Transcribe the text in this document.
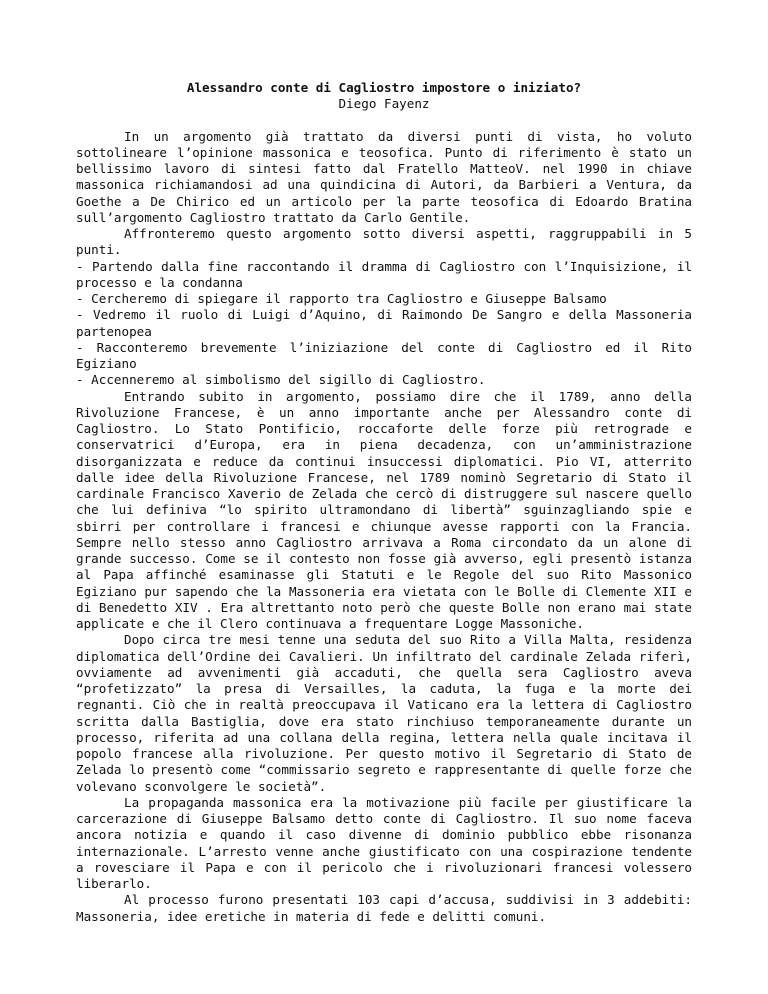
Alessandro conte di Cagliostro impostore o iniziato?

Diego Fayenz

In un argomento già trattato da diversi punti di vista, ho voluto sottolineare l’opinione massonica e teosofica. Punto di riferimento è stato un bellissimo lavoro di sintesi fatto dal Fratello MatteoV. nel 1990 in chiave massonica richiamandosi ad una quindicina di Autori, da Barbieri a Ventura, da Goethe a De Chirico ed un articolo per la parte teosofica di Edoardo Bratina sull’argomento Cagliostro trattato da Carlo Gentile.

Affronteremo questo argomento sotto diversi aspetti, raggruppabili in 5 punti.

- Partendo dalla fine raccontando il dramma di Cagliostro con l’Inquisizione, il processo e la condanna

- Cercheremo di spiegare il rapporto tra Cagliostro e Giuseppe Balsamo

- Vedremo il ruolo di Luigi d’Aquino, di Raimondo De Sangro e della Massoneria partenopea

- Racconteremo brevemente l’iniziazione del conte di Cagliostro ed il Rito Egiziano

- Accenneremo al simbolismo del sigillo di Cagliostro.

Entrando subito in argomento, possiamo dire che il 1789, anno della Rivoluzione Francese, è un anno importante anche per Alessandro conte di Cagliostro. Lo Stato Pontificio, roccaforte delle forze più retrograde e conservatrici d’Europa, era in piena decadenza, con un’amministrazione disorganizzata e reduce da continui insuccessi diplomatici. Pio VI, atterrito dalle idee della Rivoluzione Francese, nel 1789 nominò Segretario di Stato il cardinale Francisco Xaverio de Zelada che cercò di distruggere sul nascere quello che lui definiva “lo spirito ultramondano di libertà” sguinzagliando spie e sbirri per controllare i francesi e chiunque avesse rapporti con la Francia. Sempre nello stesso anno Cagliostro arrivava a Roma circondato da un alone di grande successo. Come se il contesto non fosse già avverso, egli presentò istanza al Papa affinché esaminasse gli Statuti e le Regole del suo Rito Massonico Egiziano pur sapendo che la Massoneria era vietata con le Bolle di Clemente XII e di Benedetto XIV . Era altrettanto noto però che queste Bolle non erano mai state applicate e che il Clero continuava a frequentare Logge Massoniche.

Dopo circa tre mesi tenne una seduta del suo Rito a Villa Malta, residenza diplomatica dell’Ordine dei Cavalieri. Un infiltrato del cardinale Zelada riferì, ovviamente ad avvenimenti già accaduti, che quella sera Cagliostro aveva “profetizzato” la presa di Versailles, la caduta, la fuga e la morte dei regnanti. Ciò che in realtà preoccupava il Vaticano era la lettera di Cagliostro scritta dalla Bastiglia, dove era stato rinchiuso temporaneamente durante un processo, riferita ad una collana della regina, lettera nella quale incitava il popolo francese alla rivoluzione. Per questo motivo il Segretario di Stato de Zelada lo presentò come “commissario segreto e rappresentante di quelle forze che volevano sconvolgere le società”.

La propaganda massonica era la motivazione più facile per giustificare la carcerazione di Giuseppe Balsamo detto conte di Cagliostro. Il suo nome faceva ancora notizia e quando il caso divenne di dominio pubblico ebbe risonanza internazionale. L’arresto venne anche giustificato con una cospirazione tendente a rovesciare il Papa e con il pericolo che i rivoluzionari francesi volessero liberarlo.

Al processo furono presentati 103 capi d’accusa, suddivisi in 3 addebiti: Massoneria, idee eretiche in materia di fede e delitti comuni.
